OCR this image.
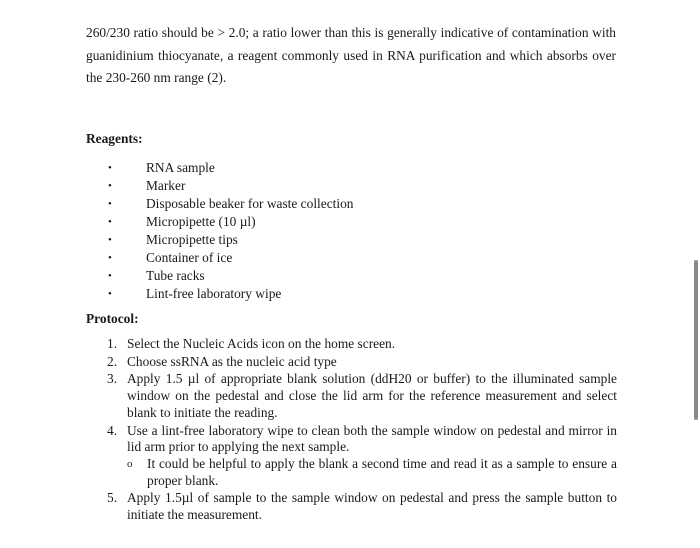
260/230 ratio should be > 2.0; a ratio lower than this is generally indicative of contamination with guanidinium thiocyanate, a reagent commonly used in RNA purification and which absorbs over the 230-260 nm range (2).

Reagents:
•	RNA sample
•	Marker
•	Disposable beaker for waste collection
•	Micropipette (10 µl)
•	Micropipette tips
•	Container of ice
•	Tube racks
•	Lint-free laboratory wipe
Protocol:
1. Select the Nucleic Acids icon on the home screen.
2. Choose ssRNA as the nucleic acid type
3. Apply 1.5 µl of appropriate blank solution (ddH20 or buffer) to the illuminated sample window on the pedestal and close the lid arm for the reference measurement and select blank to initiate the reading.
4. Use a lint-free laboratory wipe to clean both the sample window on pedestal and mirror in lid arm prior to applying the next sample.
o It could be helpful to apply the blank a second time and read it as a sample to ensure a proper blank.
5. Apply 1.5µl of sample to the sample window on pedestal and press the sample button to initiate the measurement.
